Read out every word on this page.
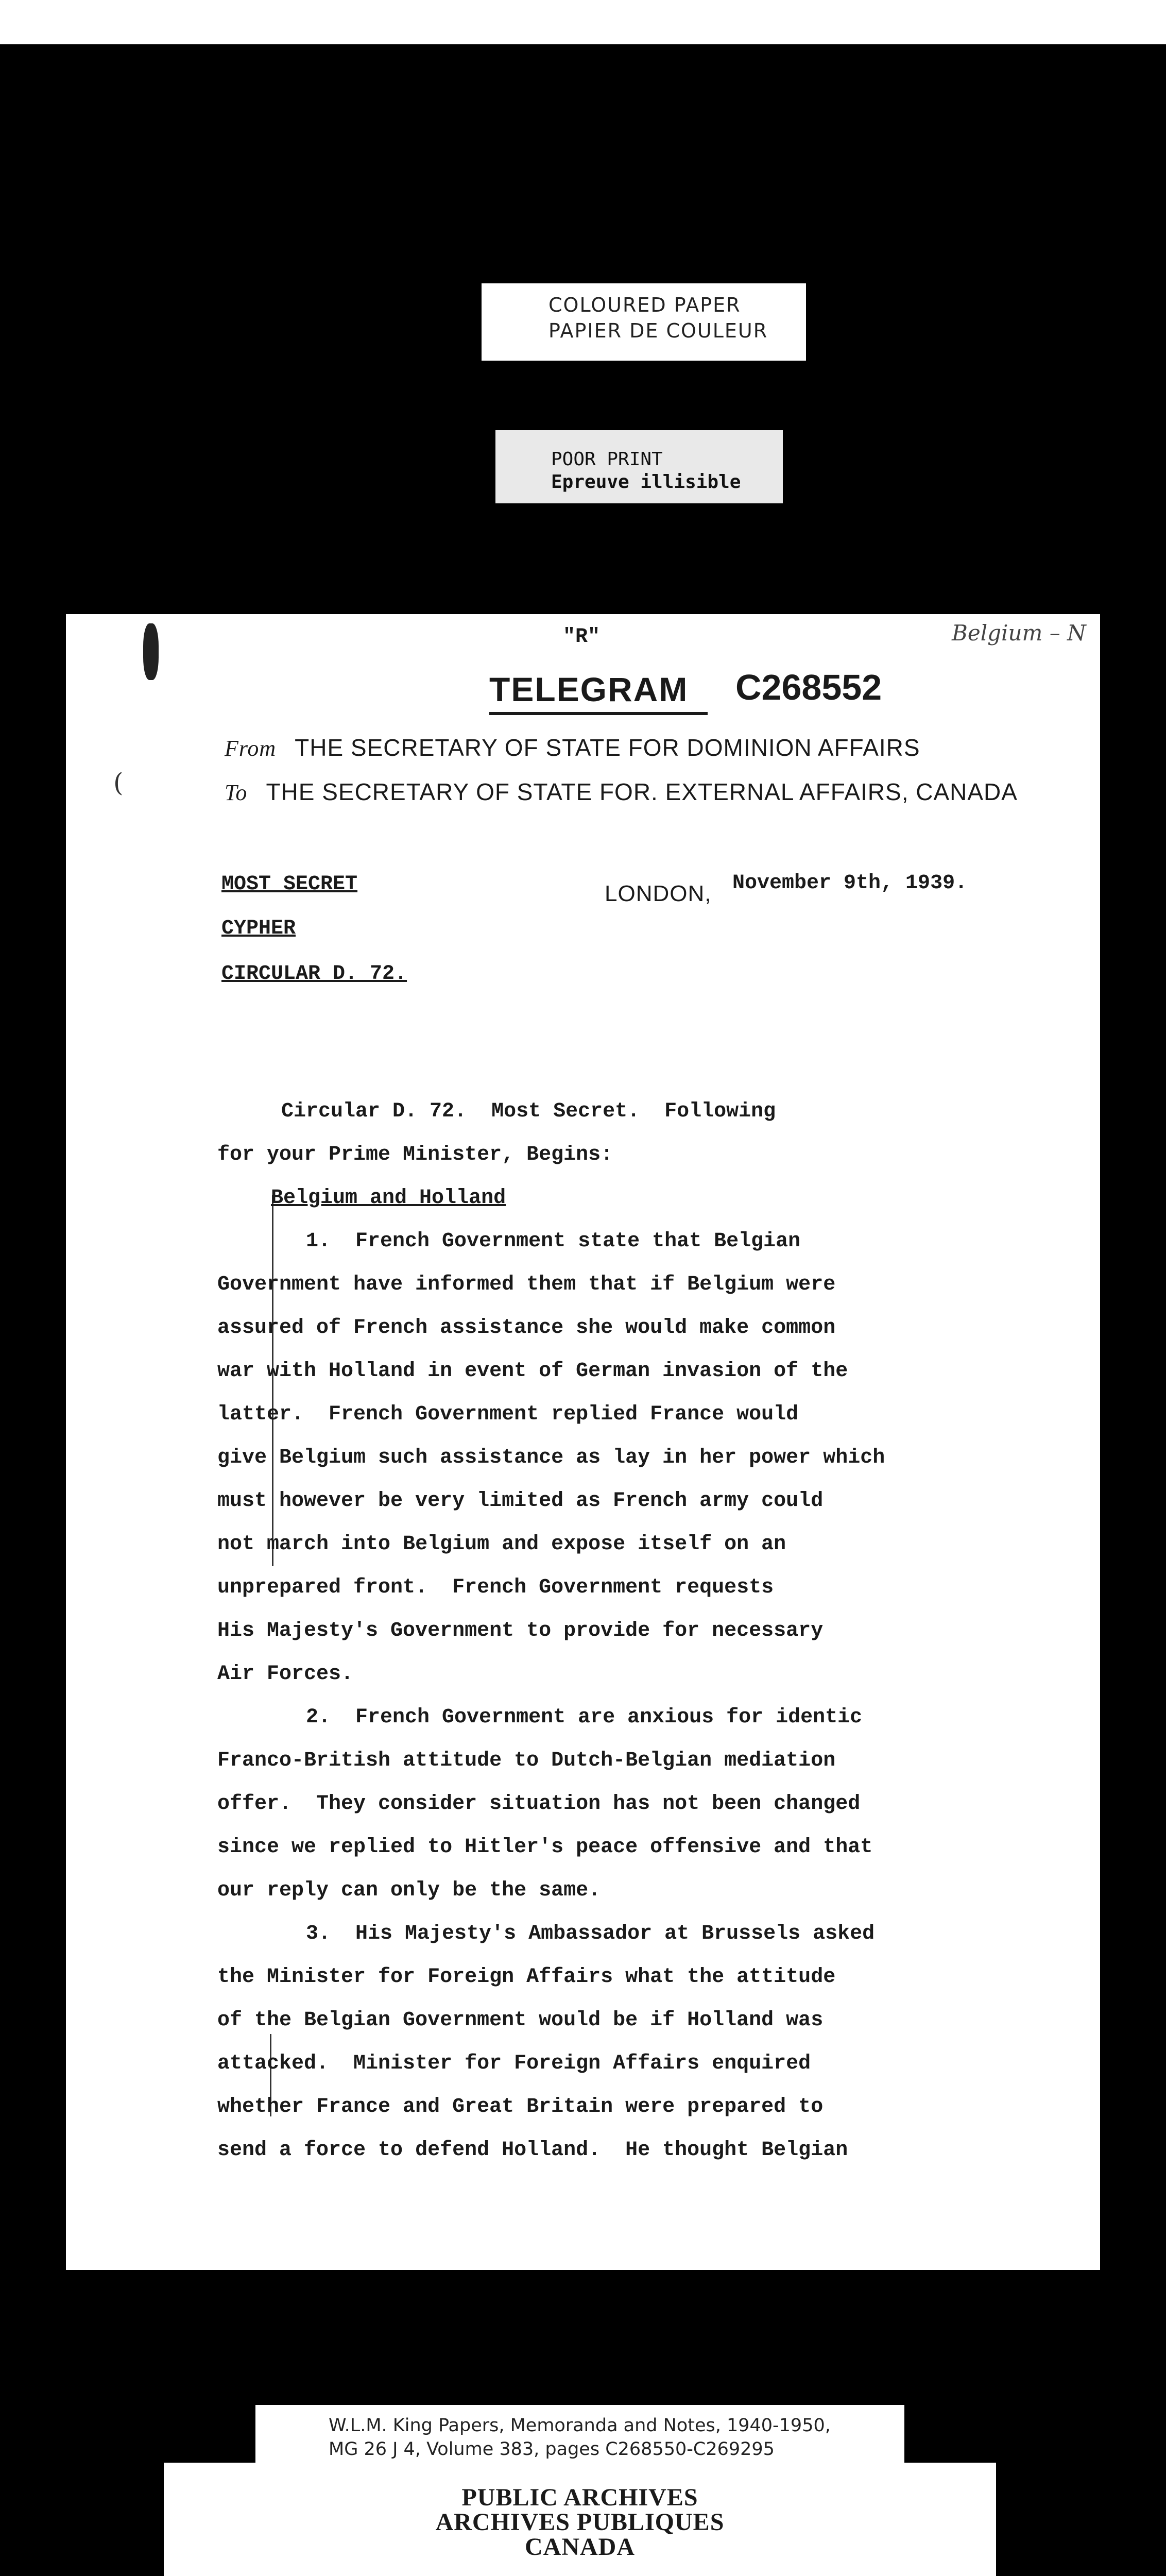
COLOURED PAPER
PAPIER DE COULEUR
POOR PRINT
Epreuve illisible
(
"R"
TELEGRAM C268552
Belgium – N
From THE SECRETARY OF STATE FOR DOMINION AFFAIRS
To THE SECRETARY OF STATE FOR. EXTERNAL AFFAIRS, CANADA
MOST SECRET
CYPHER
CIRCULAR D. 72.
LONDON, November 9th, 1939.

Circular D. 72.  Most Secret.  Following
for your Prime Minister, Begins:
Belgium and Holland
1.  French Government state that Belgian
Government have informed them that if Belgium were
assured of French assistance she would make common
war with Holland in event of German invasion of the
latter.  French Government replied France would
give Belgium such assistance as lay in her power which
must however be very limited as French army could
not march into Belgium and expose itself on an
unprepared front.  French Government requests
His Majesty's Government to provide for necessary
Air Forces.
2.  French Government are anxious for identic
Franco-British attitude to Dutch-Belgian mediation
offer.  They consider situation has not been changed
since we replied to Hitler's peace offensive and that
our reply can only be the same.
3.  His Majesty's Ambassador at Brussels asked
the Minister for Foreign Affairs what the attitude
of the Belgian Government would be if Holland was
attacked.  Minister for Foreign Affairs enquired
whether France and Great Britain were prepared to
send a force to defend Holland.  He thought Belgian
W.L.M. King Papers, Memoranda and Notes, 1940-1950,
MG 26 J 4, Volume 383, pages C268550-C269295
PUBLIC ARCHIVES
ARCHIVES PUBLIQUES
CANADA
